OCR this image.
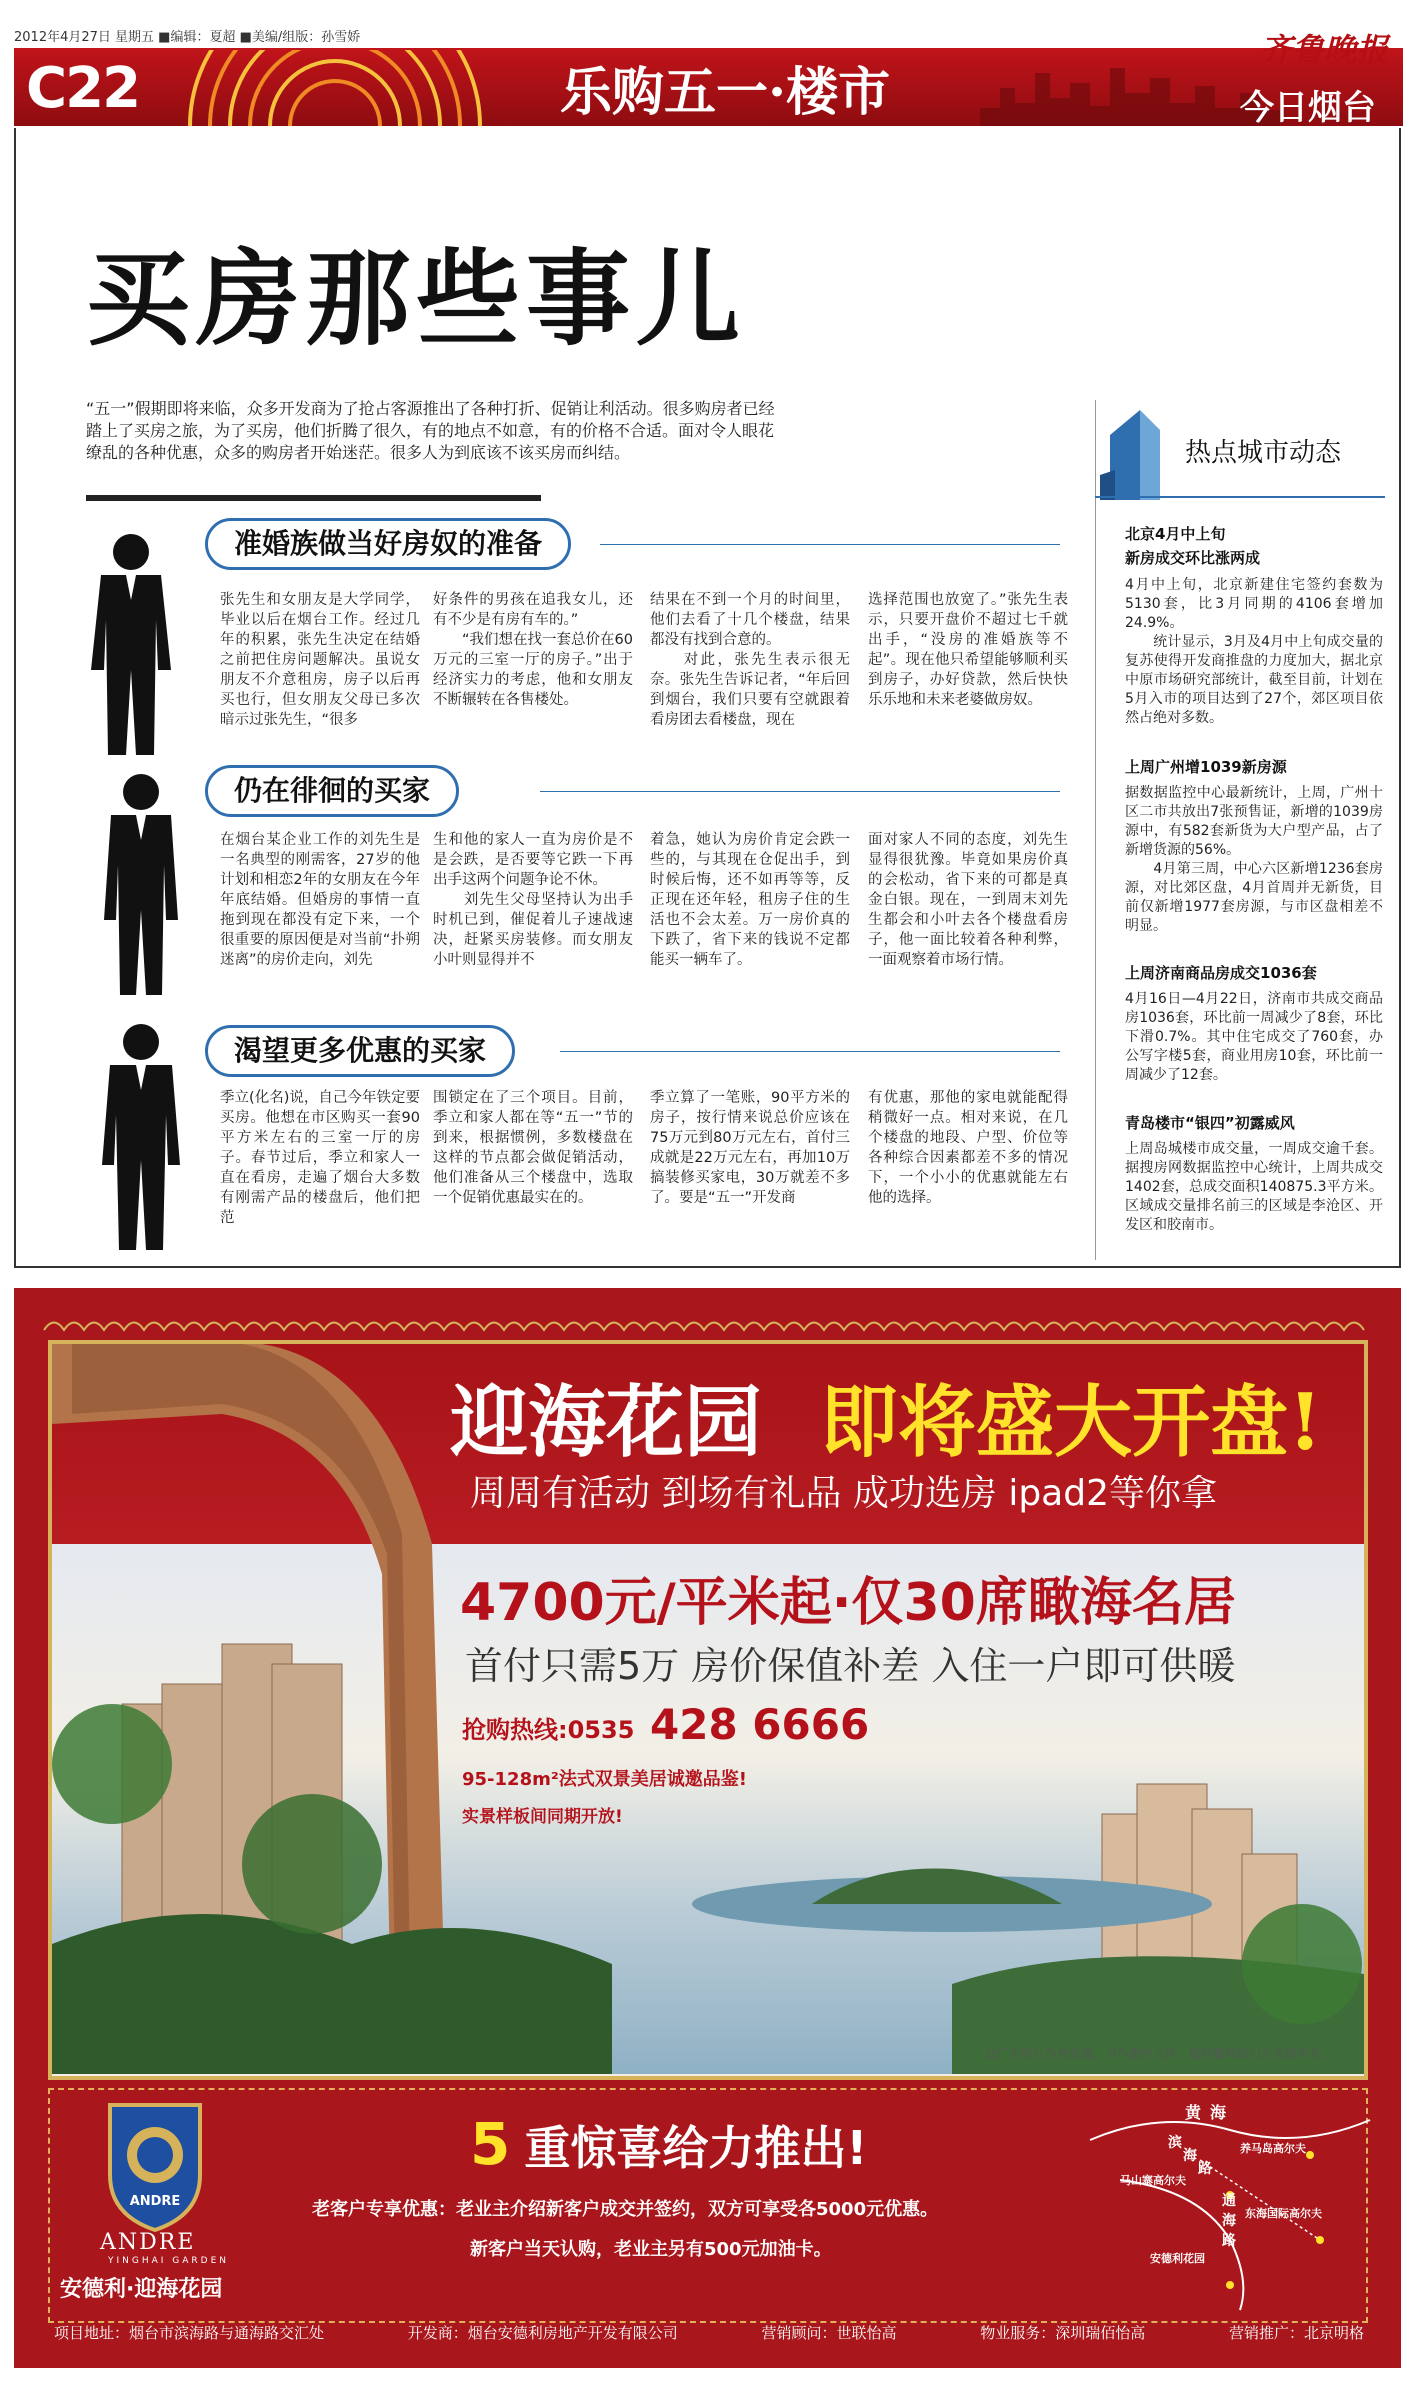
2012年4月27日 星期五 ■编辑：夏超 ■美编/组版：孙雪娇
C22	乐购五一·楼市
齐鲁晚报
今日烟台
买房那些事儿
“五一”假期即将来临，众多开发商为了抢占客源推出了各种打折、促销让利活动。很多购房者已经踏上了买房之旅，为了买房，他们折腾了很久，有的地点不如意，有的价格不合适。面对令人眼花缭乱的各种优惠，众多的购房者开始迷茫。很多人为到底该不该买房而纠结。
准婚族做当好房奴的准备
张先生和女朋友是大学同学，毕业以后在烟台工作。经过几年的积累，张先生决定在结婚之前把住房问题解决。虽说女朋友不介意租房，房子以后再买也行，但女朋友父母已多次暗示过张先生，“很多
好条件的男孩在追我女儿，还有不少是有房有车的。”
　　“我们想在找一套总价在60万元的三室一厅的房子。”出于经济实力的考虑，他和女朋友不断辗转在各售楼处。
结果在不到一个月的时间里，他们去看了十几个楼盘，结果都没有找到合意的。
　　对此，张先生表示很无奈。张先生告诉记者，“年后回到烟台，我们只要有空就跟着看房团去看楼盘，现在
选择范围也放宽了。”张先生表示，只要开盘价不超过七千就出手，“没房的准婚族等不起”。现在他只希望能够顺利买到房子，办好贷款，然后快快乐乐地和未来老婆做房奴。
仍在徘徊的买家
在烟台某企业工作的刘先生是一名典型的刚需客，27岁的他计划和相恋2年的女朋友在今年年底结婚。但婚房的事情一直拖到现在都没有定下来，一个很重要的原因便是对当前“扑朔迷离”的房价走向，刘先
生和他的家人一直为房价是不是会跌，是否要等它跌一下再出手这两个问题争论不休。
　　刘先生父母坚持认为出手时机已到，催促着儿子速战速决，赶紧买房装修。而女朋友小叶则显得并不
着急，她认为房价肯定会跌一些的，与其现在仓促出手，到时候后悔，还不如再等等，反正现在还年轻，租房子住的生活也不会太差。万一房价真的下跌了，省下来的钱说不定都能买一辆车了。
面对家人不同的态度，刘先生显得很犹豫。毕竟如果房价真的会松动，省下来的可都是真金白银。现在，一到周末刘先生都会和小叶去各个楼盘看房子，他一面比较着各种利弊，一面观察着市场行情。
渴望更多优惠的买家
季立(化名)说，自己今年铁定要买房。他想在市区购买一套90平方米左右的三室一厅的房子。春节过后，季立和家人一直在看房，走遍了烟台大多数有刚需产品的楼盘后，他们把范
围锁定在了三个项目。目前，季立和家人都在等“五一”节的到来，根据惯例，多数楼盘在这样的节点都会做促销活动，他们准备从三个楼盘中，选取一个促销优惠最实在的。
季立算了一笔账，90平方米的房子，按行情来说总价应该在75万元到80万元左右，首付三成就是22万元左右，再加10万搞装修买家电，30万就差不多了。要是“五一”开发商
有优惠，那他的家电就能配得稍微好一点。相对来说，在几个楼盘的地段、户型、价位等各种综合因素都差不多的情况下，一个小小的优惠就能左右他的选择。
热点城市动态
北京4月中上旬
新房成交环比涨两成
4月中上旬，北京新建住宅签约套数为5130套，比3月同期的4106套增加24.9%。
　　统计显示，3月及4月中上旬成交量的复苏使得开发商推盘的力度加大，据北京中原市场研究部统计，截至目前，计划在5月入市的项目达到了27个，郊区项目依然占绝对多数。
上周广州增1039新房源
据数据监控中心最新统计，上周，广州十区二市共放出7张预售证，新增的1039房源中，有582套新货为大户型产品，占了新增货源的56%。
　　4月第三周，中心六区新增1236套房源，对比郊区盘，4月首周并无新货，目前仅新增1977套房源，与市区盘相差不明显。
上周济南商品房成交1036套
4月16日—4月22日，济南市共成交商品房1036套，环比前一周减少了8套，环比下滑0.7%。其中住宅成交了760套，办公写字楼5套，商业用房10套，环比前一周减少了12套。
青岛楼市“银四”初露威风
上周岛城楼市成交量，一周成交逾千套。据搜房网数据监控中心统计，上周共成交1402套，总成交面积140875.3平方米。区域成交量排名前三的区域是李沧区、开发区和胶南市。
迎海花园 即将盛大开盘!
周周有活动 到场有礼品 成功选房 ipad2等你拿
4700元/平米起·仅30席瞰海名居
首付只需5万 房价保值补差 入住一户即可供暖
抢购热线:0535 428 6666
95-128m²法式双景美居诚邀品鉴!
实景样板间同期开放!
此广告图片为效果图，不作邀约文件，最终解释权归开发商所有。
ANDRE
ANDRE
YINGHAI GARDEN
安德利·迎海花园
5 重惊喜给力推出!
老客户专享优惠：老业主介绍新客户成交并签约，双方可享受各5000元优惠。
新客户当天认购，老业主另有500元加油卡。
黄 海
滨
海
路
养马岛高尔夫
马山寨高尔夫
东海国际高尔夫
通
海
路
安德利花园
项目地址：烟台市滨海路与通海路交汇处	开发商：烟台安德利房地产开发有限公司	营销顾问：世联怡高	物业服务：深圳瑞佰怡高	营销推广：北京明格
